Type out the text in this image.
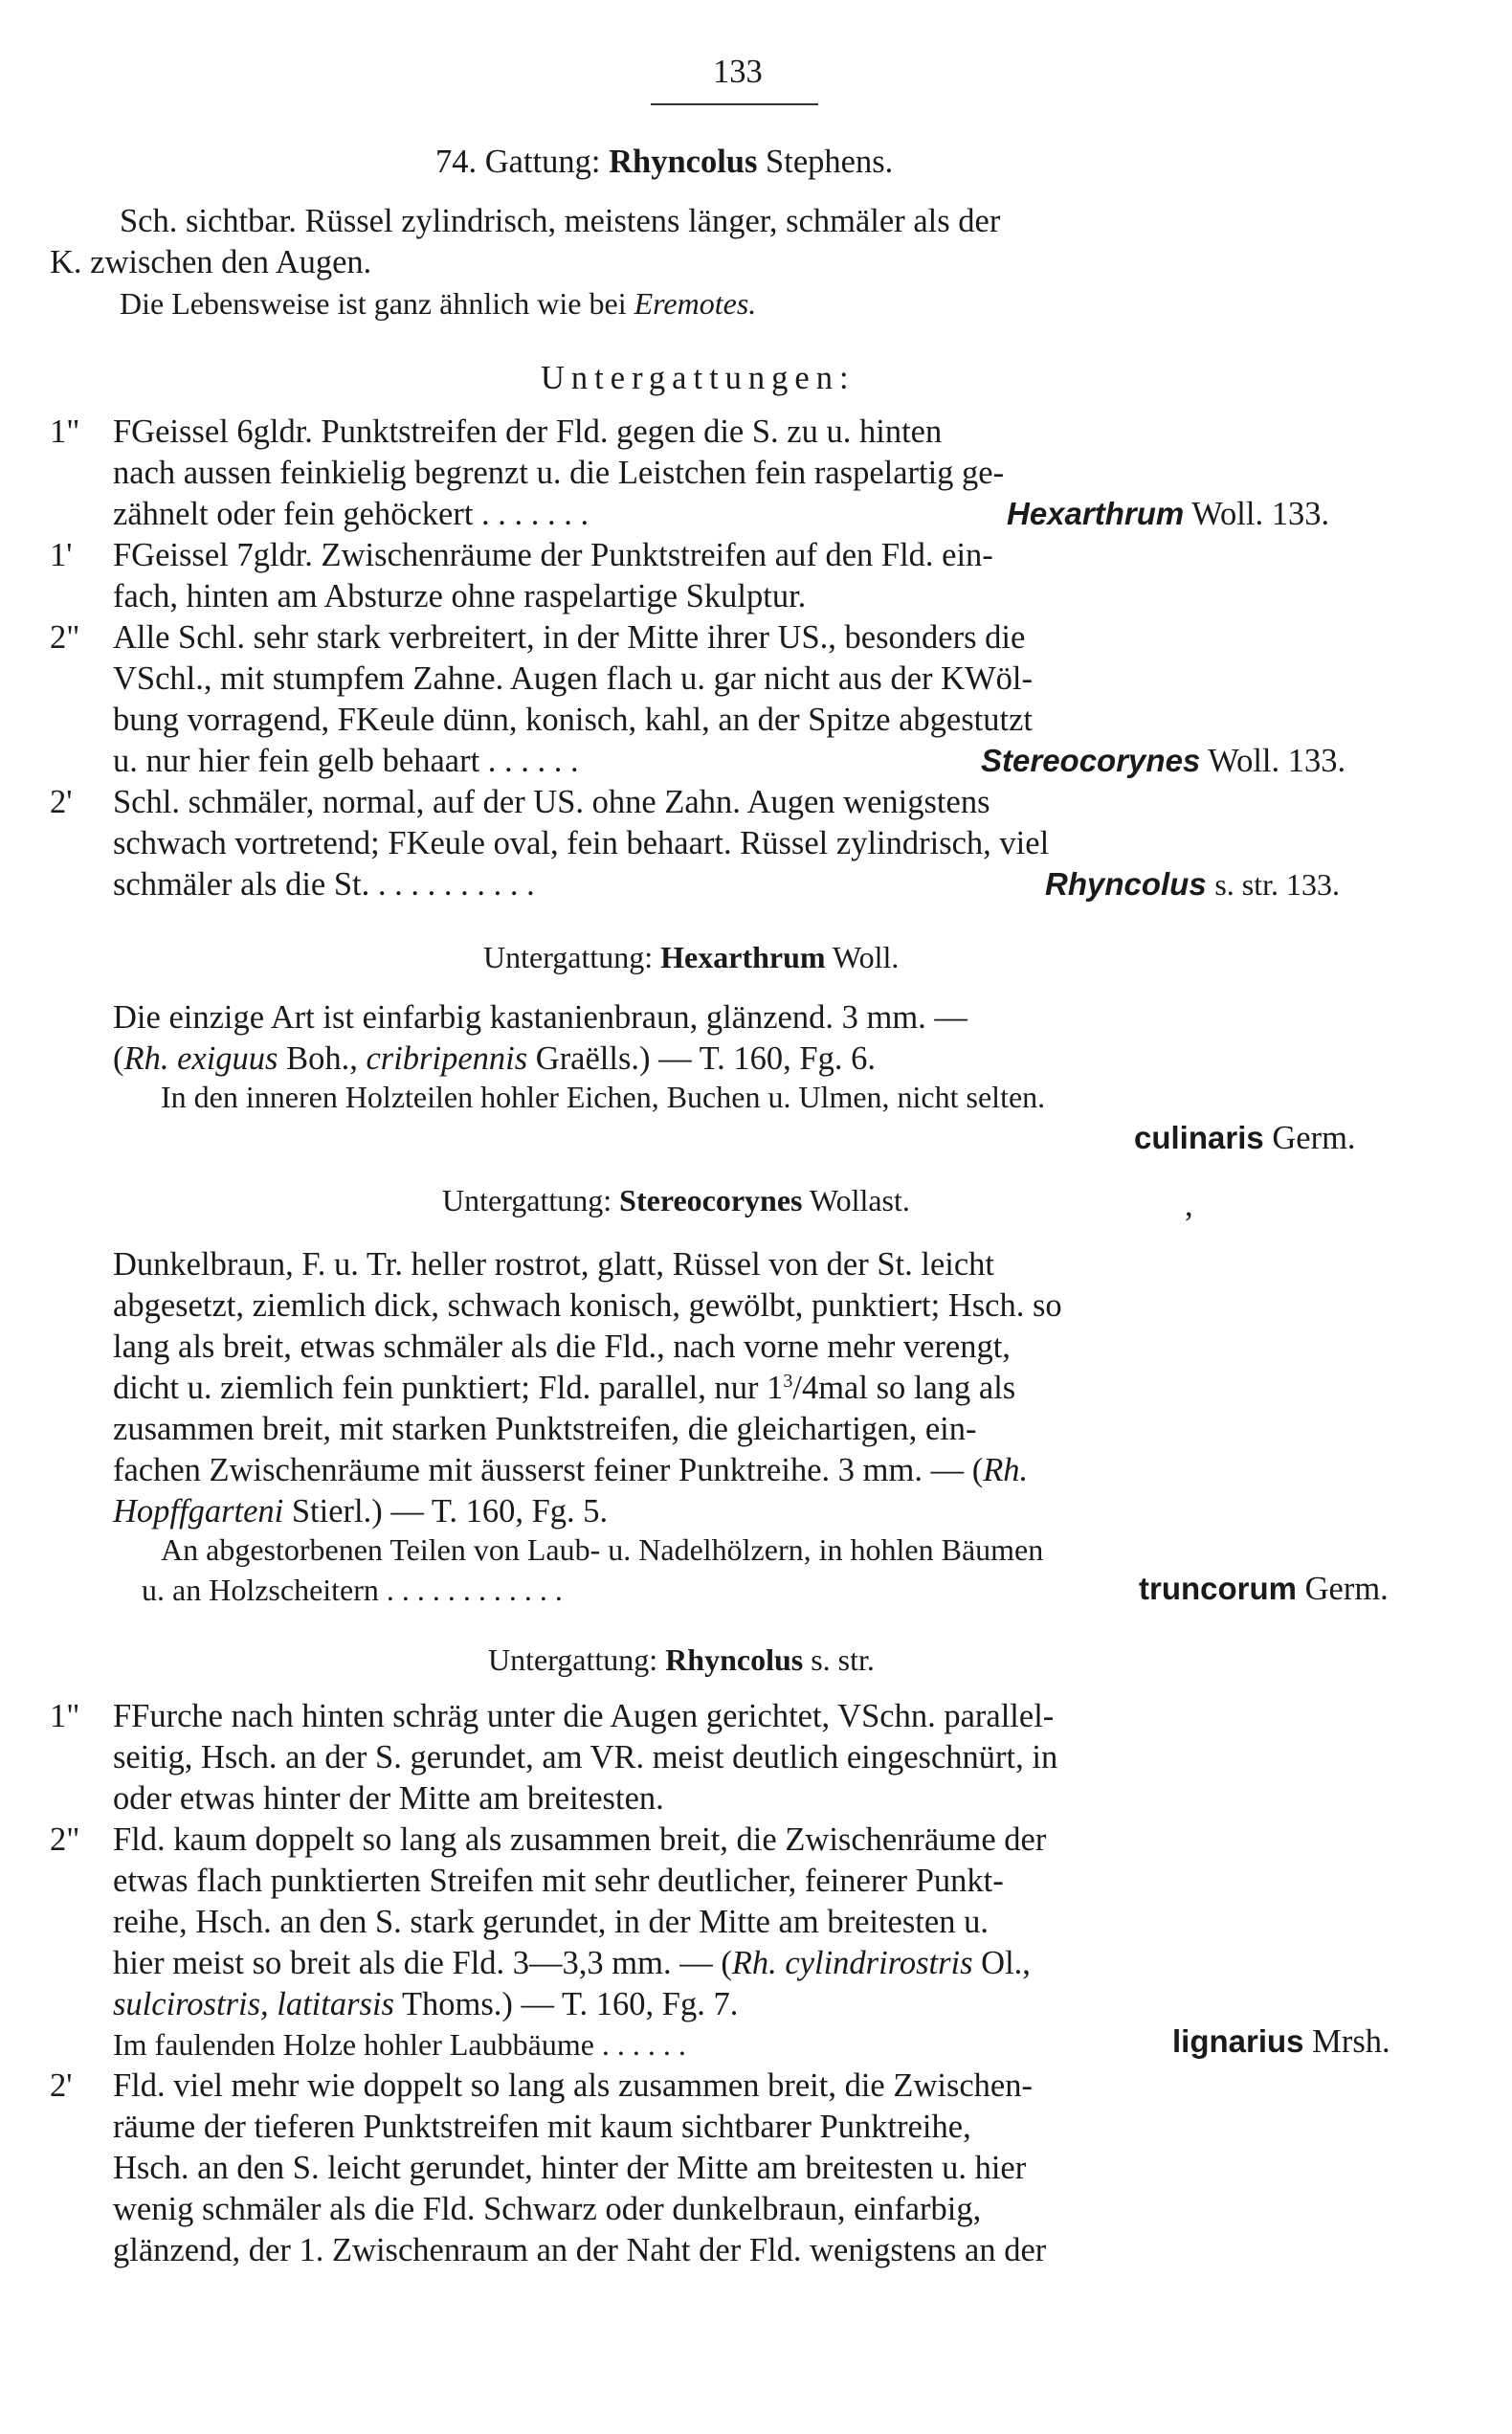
133
74. Gattung: Rhyncolus Stephens.
Sch. sichtbar. Rüssel zylindrisch, meistens länger, schmäler als der
K. zwischen den Augen.
Die Lebensweise ist ganz ähnlich wie bei Eremotes.
Untergattungen:
1" FGeissel 6gldr. Punktstreifen der Fld. gegen die S. zu u. hinten
nach aussen feinkielig begrenzt u. die Leistchen fein raspelartig ge-
zähnelt oder fein gehöckert . . . . . . .	Hexarthrum Woll. 133.
1' FGeissel 7gldr. Zwischenräume der Punktstreifen auf den Fld. ein-
fach, hinten am Absturze ohne raspelartige Skulptur.
2" Alle Schl. sehr stark verbreitert, in der Mitte ihrer US., besonders die
VSchl., mit stumpfem Zahne. Augen flach u. gar nicht aus der KWöl-
bung vorragend, FKeule dünn, konisch, kahl, an der Spitze abgestutzt
u. nur hier fein gelb behaart . . . . . .	Stereocorynes Woll. 133.
2' Schl. schmäler, normal, auf der US. ohne Zahn. Augen wenigstens
schwach vortretend; FKeule oval, fein behaart. Rüssel zylindrisch, viel
schmäler als die St. . . . . . . . . . .	Rhyncolus s. str. 133.
Untergattung: Hexarthrum Woll.
Die einzige Art ist einfarbig kastanienbraun, glänzend. 3 mm. —
(Rh. exiguus Boh., cribripennis Graëlls.) — T. 160, Fg. 6.
In den inneren Holzteilen hohler Eichen, Buchen u. Ulmen, nicht selten.
culinaris Germ.
Untergattung: Stereocorynes Wollast.	,
Dunkelbraun, F. u. Tr. heller rostrot, glatt, Rüssel von der St. leicht
abgesetzt, ziemlich dick, schwach konisch, gewölbt, punktiert; Hsch. so
lang als breit, etwas schmäler als die Fld., nach vorne mehr verengt,
dicht u. ziemlich fein punktiert; Fld. parallel, nur $1^3/4mal$ so lang als
zusammen breit, mit starken Punktstreifen, die gleichartigen, ein-
fachen Zwischenräume mit äusserst feiner Punktreihe. 3 mm. — (Rh.
Hopffgarteni Stierl.) — T. 160, Fg. 5.
An abgestorbenen Teilen von Laub- u. Nadelhölzern, in hohlen Bäumen
u. an Holzscheitern . . . . . . . . . . . .	truncorum Germ.
Untergattung: Rhyncolus s. str.
1" FFurche nach hinten schräg unter die Augen gerichtet, VSchn. parallel-
seitig, Hsch. an der S. gerundet, am VR. meist deutlich eingeschnürt, in
oder etwas hinter der Mitte am breitesten.
2" Fld. kaum doppelt so lang als zusammen breit, die Zwischenräume der
etwas flach punktierten Streifen mit sehr deutlicher, feinerer Punkt-
reihe, Hsch. an den S. stark gerundet, in der Mitte am breitesten u.
hier meist so breit als die Fld. 3—3,3 mm. — (Rh. cylindrirostris Ol.,
sulcirostris, latitarsis Thoms.) — T. 160, Fg. 7.
Im faulenden Holze hohler Laubbäume . . . . . .	lignarius Mrsh.
2' Fld. viel mehr wie doppelt so lang als zusammen breit, die Zwischen-
räume der tieferen Punktstreifen mit kaum sichtbarer Punktreihe,
Hsch. an den S. leicht gerundet, hinter der Mitte am breitesten u. hier
wenig schmäler als die Fld. Schwarz oder dunkelbraun, einfarbig,
glänzend, der 1. Zwischenraum an der Naht der Fld. wenigstens an der
